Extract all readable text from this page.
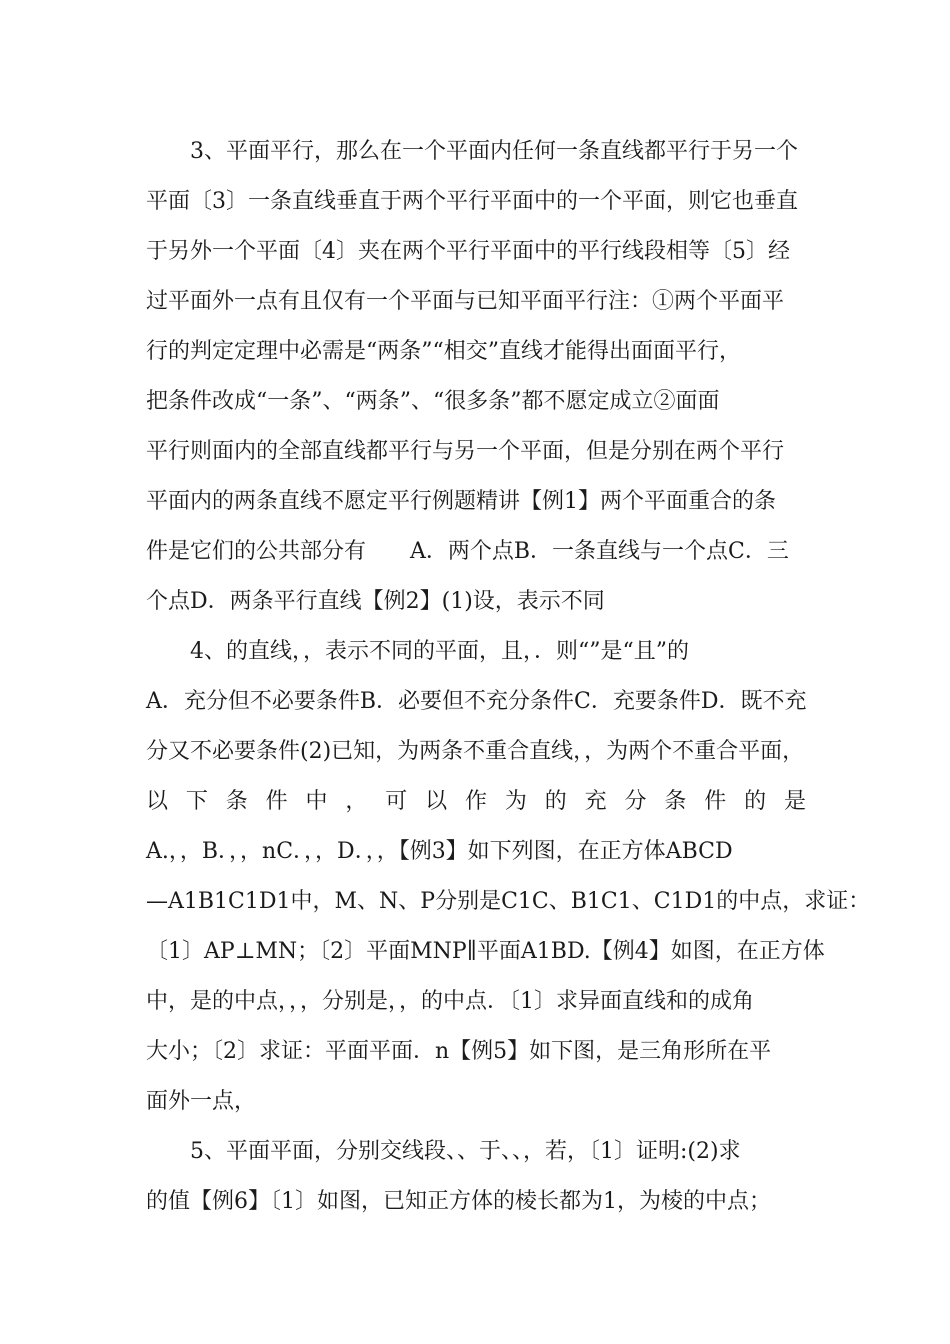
3、平面平行，那么在一个平面内任何一条直线都平行于另一个
平面〔3〕一条直线垂直于两个平行平面中的一个平面，则它也垂直
于另外一个平面〔4〕夹在两个平行平面中的平行线段相等〔5〕经
过平面外一点有且仅有一个平面与已知平面平行注：①两个平面平
行的判定定理中必需是“两条”“相交”直线才能得出面面平行，
把条件改成“一条”、“两条”、“很多条”都不愿定成立②面面
平行则面内的全部直线都平行与另一个平面，但是分别在两个平行
平面内的两条直线不愿定平行例题精讲【例1】两个平面重合的条
件是它们的公共部分有　　A．两个点B．一条直线与一个点C．三
个点D．两条平行直线【例2】(1)设，表示不同
4、的直线，，表示不同的平面，且，．则“”是“且”的
A．充分但不必要条件B．必要但不充分条件C．充要条件D．既不充
分又不必要条件(2)已知，为两条不重合直线，，为两个不重合平面，
以下条件中，可以作为的充分条件的是
A.，，B．，，nC．，，D．，，【例3】如下列图，在正方体ABCD
—A1B1C1D1中，M、N、P分别是C1C、B1C1、C1D1的中点，求证：
〔1〕AP⊥MN；〔2〕平面MNP∥平面A1BD.【例4】如图，在正方体
中，是的中点，，，分别是，，的中点．〔1〕求异面直线和的成角
大小；〔2〕求证：平面平面．n【例5】如下图，是三角形所在平
面外一点，
5、平面平面，分别交线段、、于、、，若，〔1〕证明:(2)求
的值【例6】〔1〕如图，已知正方体的棱长都为1，为棱的中点；
